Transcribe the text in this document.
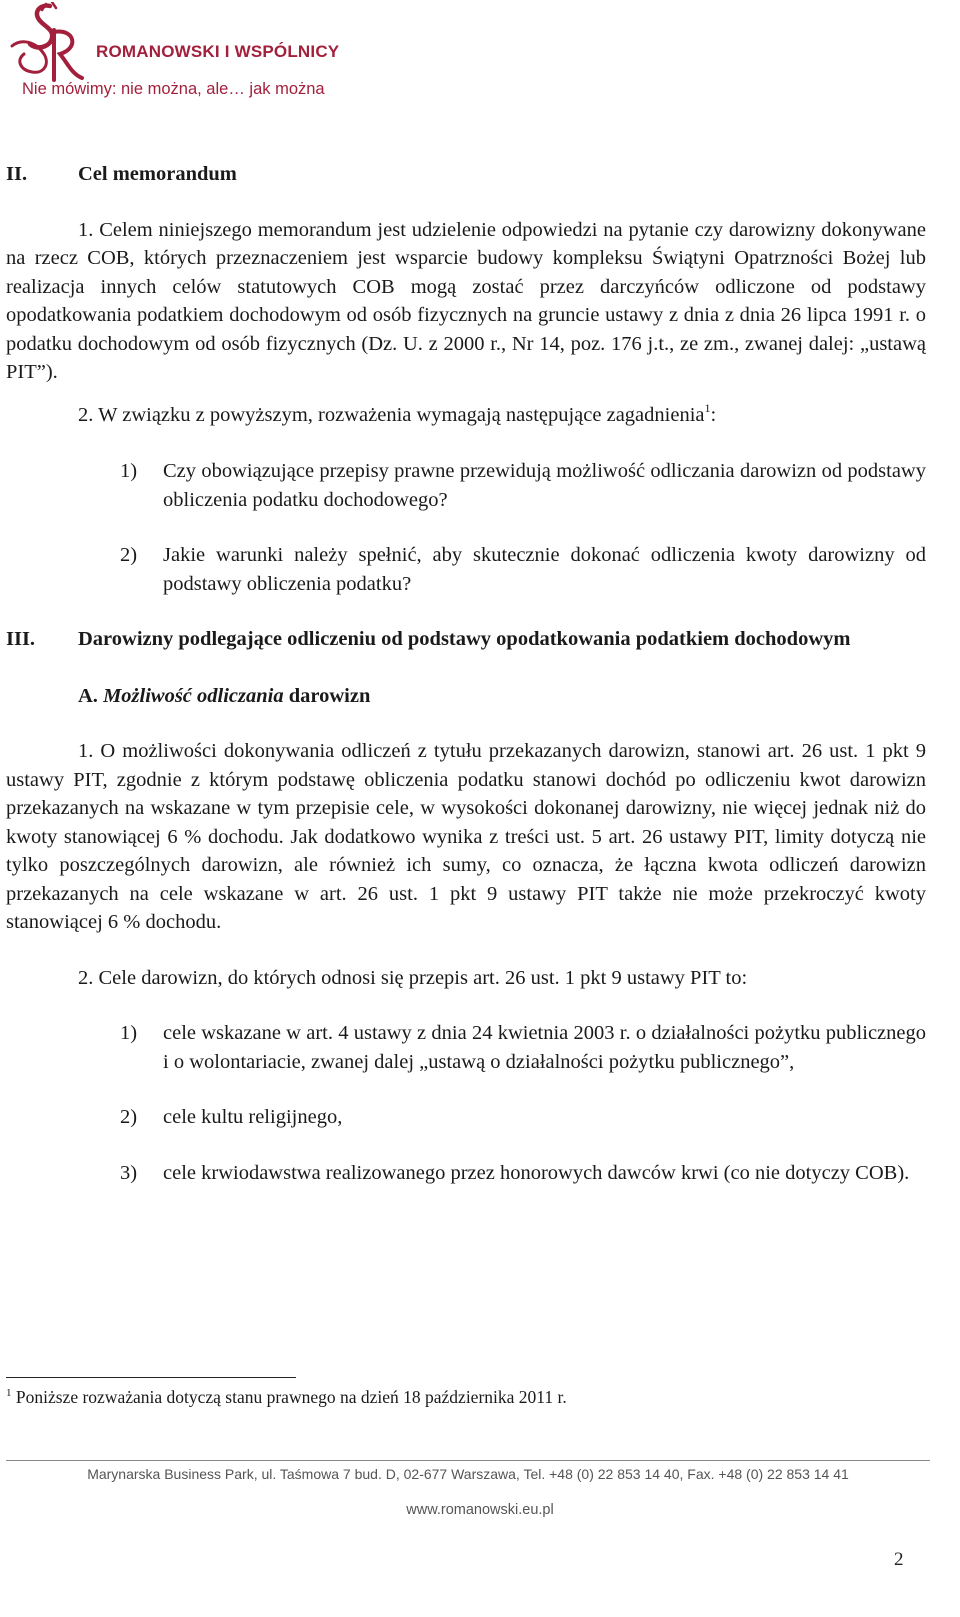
ROMANOWSKI I WSPÓLNICY
Nie mówimy: nie można, ale… jak można
II.	Cel memorandum

1. Celem niniejszego memorandum jest udzielenie odpowiedzi na pytanie czy darowizny dokonywane na rzecz COB, których przeznaczeniem jest wsparcie budowy kompleksu Świątyni Opatrzności Bożej lub realizacja innych celów statutowych COB mogą zostać przez darczyńców odliczone od podstawy opodatkowania podatkiem dochodowym od osób fizycznych na gruncie ustawy z dnia z dnia 26 lipca 1991 r. o podatku dochodowym od osób fizycznych (Dz. U. z 2000 r., Nr 14, poz. 176 j.t., ze zm., zwanej dalej: „ustawą PIT”).

2. W związku z powyższym, rozważenia wymagają następujące zagadnienia$^1$:

1)	Czy obowiązujące przepisy prawne przewidują możliwość odliczania darowizn od podstawy obliczenia podatku dochodowego?
2)	Jakie warunki należy spełnić, aby skutecznie dokonać odliczenia kwoty darowizny od podstawy obliczenia podatku?
III.	Darowizny podlegające odliczeniu od podstawy opodatkowania podatkiem dochodowym
A. Możliwość odliczania darowizn

1. O możliwości dokonywania odliczeń z tytułu przekazanych darowizn, stanowi art. 26 ust. 1 pkt 9 ustawy PIT, zgodnie z którym podstawę obliczenia podatku stanowi dochód po odliczeniu kwot darowizn przekazanych na wskazane w tym przepisie cele, w wysokości dokonanej darowizny, nie więcej jednak niż do kwoty stanowiącej 6 % dochodu. Jak dodatkowo wynika z treści ust. 5 art. 26 ustawy PIT, limity dotyczą nie tylko poszczególnych darowizn, ale również ich sumy, co oznacza, że łączna kwota odliczeń darowizn przekazanych na cele wskazane w art. 26 ust. 1 pkt 9 ustawy PIT także nie może przekroczyć kwoty stanowiącej 6 % dochodu.

2. Cele darowizn, do których odnosi się przepis art. 26 ust. 1 pkt 9 ustawy PIT to:

1)	cele wskazane w art. 4 ustawy z dnia 24 kwietnia 2003 r. o działalności pożytku publicznego i o wolontariacie, zwanej dalej „ustawą o działalności pożytku publicznego”,
2)	cele kultu religijnego,
3)	cele krwiodawstwa realizowanego przez honorowych dawców krwi (co nie dotyczy COB).
$^1$ Poniższe rozważania dotyczą stanu prawnego na dzień 18 października 2011 r.
Marynarska Business Park, ul. Taśmowa 7 bud. D, 02-677 Warszawa, Tel. +48 (0) 22 853 14 40, Fax. +48 (0) 22 853 14 41
www.romanowski.eu.pl
2
